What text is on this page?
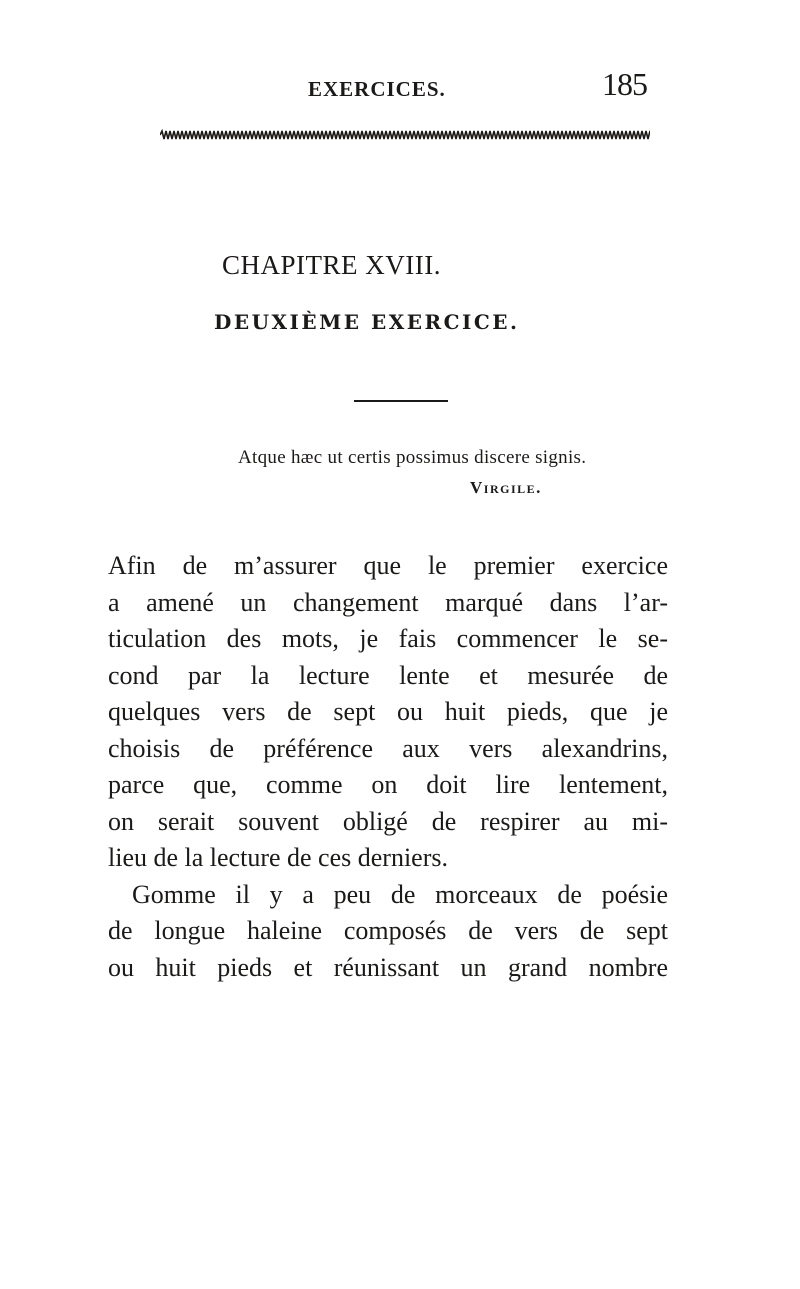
EXERCICES.	185
CHAPITRE XVIII.
DEUXIÈME EXERCICE.
Atque hæc ut certis possimus discere signis.
Virgile.
Afin de m’assurer que le premier exercice
a amené un changement marqué dans l’ar-
ticulation des mots, je fais commencer le se-
cond par la lecture lente et mesurée de
quelques vers de sept ou huit pieds, que je
choisis de préférence aux vers alexandrins,
parce que, comme on doit lire lentement,
on serait souvent obligé de respirer au mi-
lieu de la lecture de ces derniers.
Gomme il y a peu de morceaux de poésie
de longue haleine composés de vers de sept
ou huit pieds et réunissant un grand nombre
